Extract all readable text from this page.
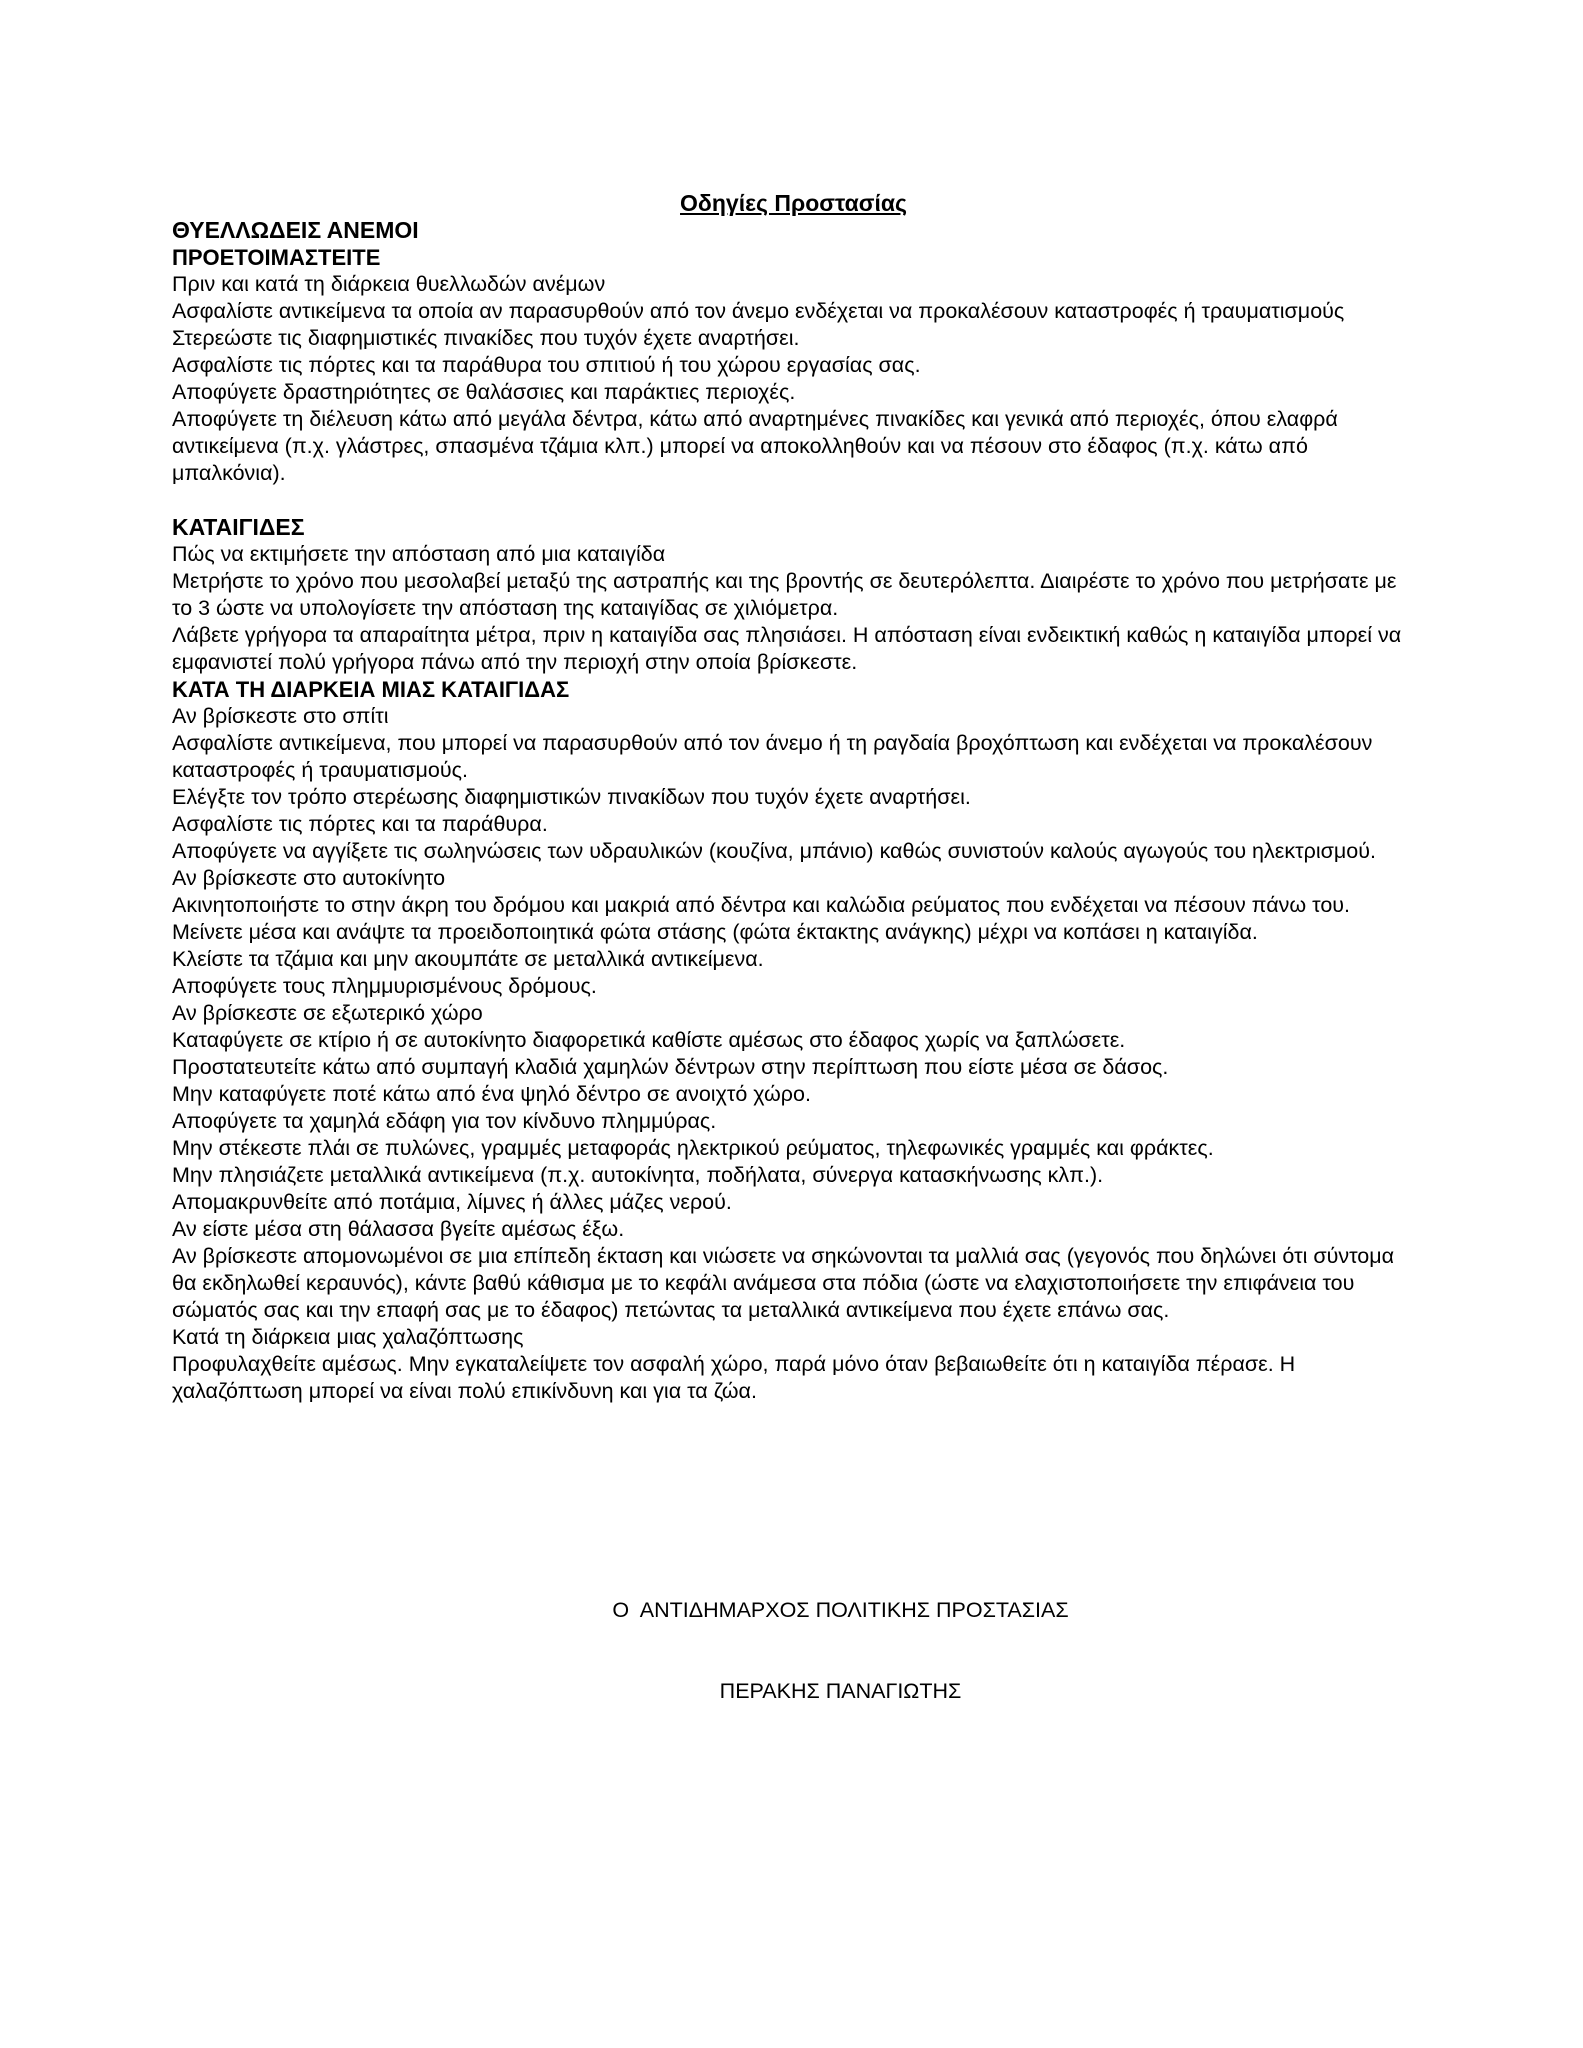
Οδηγίες Προστασίας
ΘΥΕΛΛΩΔΕΙΣ ΑΝΕΜΟΙ
ΠΡΟΕΤΟΙΜΑΣΤΕΙΤΕ

Πριν και κατά τη διάρκεια θυελλωδών ανέμων

Ασφαλίστε αντικείμενα τα οποία αν παρασυρθούν από τον άνεμο ενδέχεται να προκαλέσουν καταστροφές ή τραυματισμούς

Στερεώστε τις διαφημιστικές πινακίδες που τυχόν έχετε αναρτήσει.

Ασφαλίστε τις πόρτες και τα παράθυρα του σπιτιού ή του χώρου εργασίας σας.

Αποφύγετε δραστηριότητες σε θαλάσσιες και παράκτιες περιοχές.

Αποφύγετε τη διέλευση κάτω από μεγάλα δέντρα, κάτω από αναρτημένες πινακίδες και γενικά από περιοχές, όπου ελαφρά αντικείμενα (π.χ. γλάστρες, σπασμένα τζάμια κλπ.) μπορεί να αποκολληθούν και να πέσουν στο έδαφος (π.χ. κάτω από μπαλκόνια).

ΚΑΤΑΙΓΙΔΕΣ

Πώς να εκτιμήσετε την απόσταση από μια καταιγίδα

Μετρήστε το χρόνο που μεσολαβεί μεταξύ της αστραπής και της βροντής σε δευτερόλεπτα. Διαιρέστε το χρόνο που μετρήσατε με το 3 ώστε να υπολογίσετε την απόσταση της καταιγίδας σε χιλιόμετρα.

Λάβετε γρήγορα τα απαραίτητα μέτρα, πριν η καταιγίδα σας πλησιάσει. Η απόσταση είναι ενδεικτική καθώς η καταιγίδα μπορεί να εμφανιστεί πολύ γρήγορα πάνω από την περιοχή στην οποία βρίσκεστε.

ΚΑΤΑ ΤΗ ΔΙΑΡΚΕΙΑ ΜΙΑΣ ΚΑΤΑΙΓΙΔΑΣ

Αν βρίσκεστε στο σπίτι

Ασφαλίστε αντικείμενα, που μπορεί να παρασυρθούν από τον άνεμο ή τη ραγδαία βροχόπτωση και ενδέχεται να προκαλέσουν καταστροφές ή τραυματισμούς.

Ελέγξτε τον τρόπο στερέωσης διαφημιστικών πινακίδων που τυχόν έχετε αναρτήσει.

Ασφαλίστε τις πόρτες και τα παράθυρα.

Αποφύγετε να αγγίξετε τις σωληνώσεις των υδραυλικών (κουζίνα, μπάνιο) καθώς συνιστούν καλούς αγωγούς του ηλεκτρισμού.

Αν βρίσκεστε στο αυτοκίνητο

Ακινητοποιήστε το στην άκρη του δρόμου και μακριά από δέντρα και καλώδια ρεύματος που ενδέχεται να πέσουν πάνω του.

Μείνετε μέσα και ανάψτε τα προειδοποιητικά φώτα στάσης (φώτα έκτακτης ανάγκης) μέχρι να κοπάσει η καταιγίδα.

Κλείστε τα τζάμια και μην ακουμπάτε σε μεταλλικά αντικείμενα.

Αποφύγετε τους πλημμυρισμένους δρόμους.

Αν βρίσκεστε σε εξωτερικό χώρο

Καταφύγετε σε κτίριο ή σε αυτοκίνητο διαφορετικά καθίστε αμέσως στο έδαφος χωρίς να ξαπλώσετε.

Προστατευτείτε κάτω από συμπαγή κλαδιά χαμηλών δέντρων στην περίπτωση που είστε μέσα σε δάσος.

Μην καταφύγετε ποτέ κάτω από ένα ψηλό δέντρο σε ανοιχτό χώρο.

Αποφύγετε τα χαμηλά εδάφη για τον κίνδυνο πλημμύρας.

Μην στέκεστε πλάι σε πυλώνες, γραμμές μεταφοράς ηλεκτρικού ρεύματος, τηλεφωνικές γραμμές και φράκτες.

Μην πλησιάζετε μεταλλικά αντικείμενα (π.χ. αυτοκίνητα, ποδήλατα, σύνεργα κατασκήνωσης κλπ.).

Απομακρυνθείτε από ποτάμια, λίμνες ή άλλες μάζες νερού.

Αν είστε μέσα στη θάλασσα βγείτε αμέσως έξω.

Αν βρίσκεστε απομονωμένοι σε μια επίπεδη έκταση και νιώσετε να σηκώνονται τα μαλλιά σας (γεγονός που δηλώνει ότι σύντομα θα εκδηλωθεί κεραυνός), κάντε βαθύ κάθισμα με το κεφάλι ανάμεσα στα πόδια (ώστε να ελαχιστοποιήσετε την επιφάνεια του σώματός σας και την επαφή σας με το έδαφος) πετώντας τα μεταλλικά αντικείμενα που έχετε επάνω σας.

Κατά τη διάρκεια μιας χαλαζόπτωσης

Προφυλαχθείτε αμέσως. Μην εγκαταλείψετε τον ασφαλή χώρο, παρά μόνο όταν βεβαιωθείτε ότι η καταιγίδα πέρασε. Η χαλαζόπτωση μπορεί να είναι πολύ επικίνδυνη και για τα ζώα.

Ο  ΑΝΤΙΔΗΜΑΡΧΟΣ ΠΟΛΙΤΙΚΗΣ ΠΡΟΣΤΑΣΙΑΣ

ΠΕΡΑΚΗΣ ΠΑΝΑΓΙΩΤΗΣ
